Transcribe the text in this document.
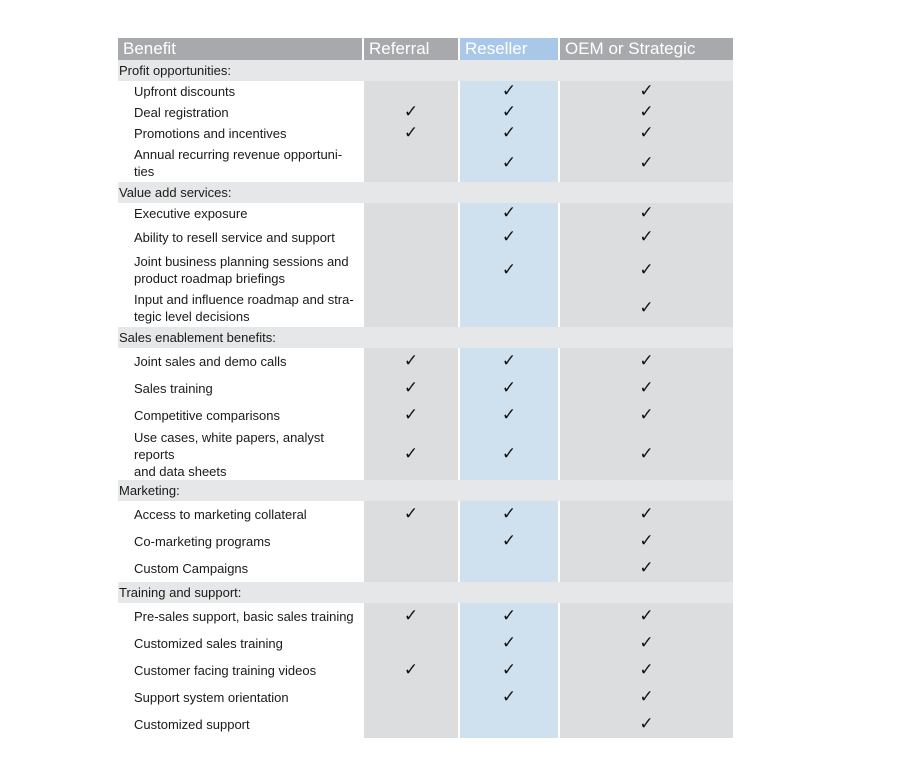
Benefit	Referral	Reseller	OEM or Strategic
Profit opportunities:			
Upfront discounts		✓	✓
Deal registration	✓	✓	✓
Promotions and incentives	✓	✓	✓
Annual recurring revenue opportuni-
ties		✓	✓
Value add services:			
Executive exposure		✓	✓
Ability to resell service and support		✓	✓
Joint business planning sessions and
product roadmap briefings		✓	✓
Input and influence roadmap and stra-
tegic level decisions			✓
Sales enablement benefits:			
Joint sales and demo calls	✓	✓	✓
Sales training	✓	✓	✓
Competitive comparisons	✓	✓	✓
Use cases, white papers, analyst reports
and data sheets	✓	✓	✓
Marketing:			
Access to marketing collateral	✓	✓	✓
Co-marketing programs		✓	✓
Custom Campaigns			✓
Training and support:			
Pre-sales support, basic sales training	✓	✓	✓
Customized sales training		✓	✓
Customer facing training videos	✓	✓	✓
Support system orientation		✓	✓
Customized support			✓
